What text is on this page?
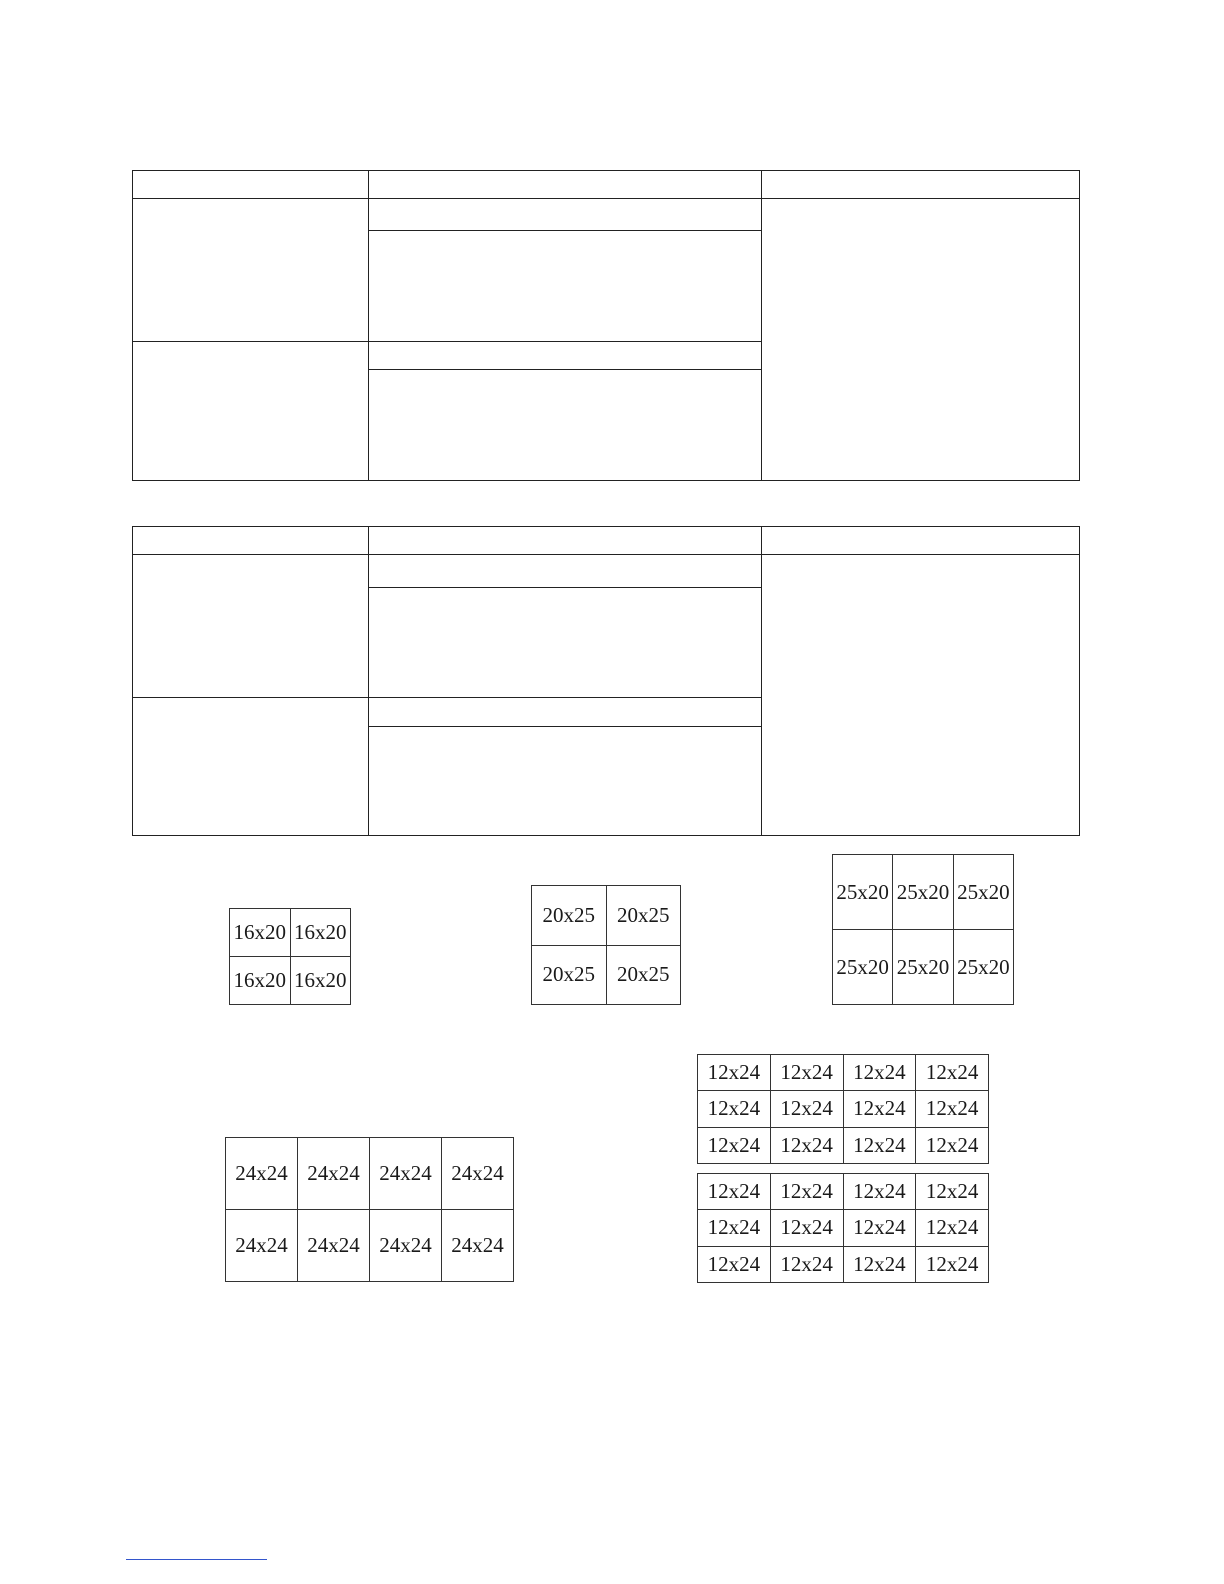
16x20	16x20
16x20	16x20
20x25	20x25
20x25	20x25
25x20	25x20	25x20
25x20	25x20	25x20
24x24	24x24	24x24	24x24
24x24	24x24	24x24	24x24
12x24	12x24	12x24	12x24
12x24	12x24	12x24	12x24
12x24	12x24	12x24	12x24
12x24	12x24	12x24	12x24
12x24	12x24	12x24	12x24
12x24	12x24	12x24	12x24
